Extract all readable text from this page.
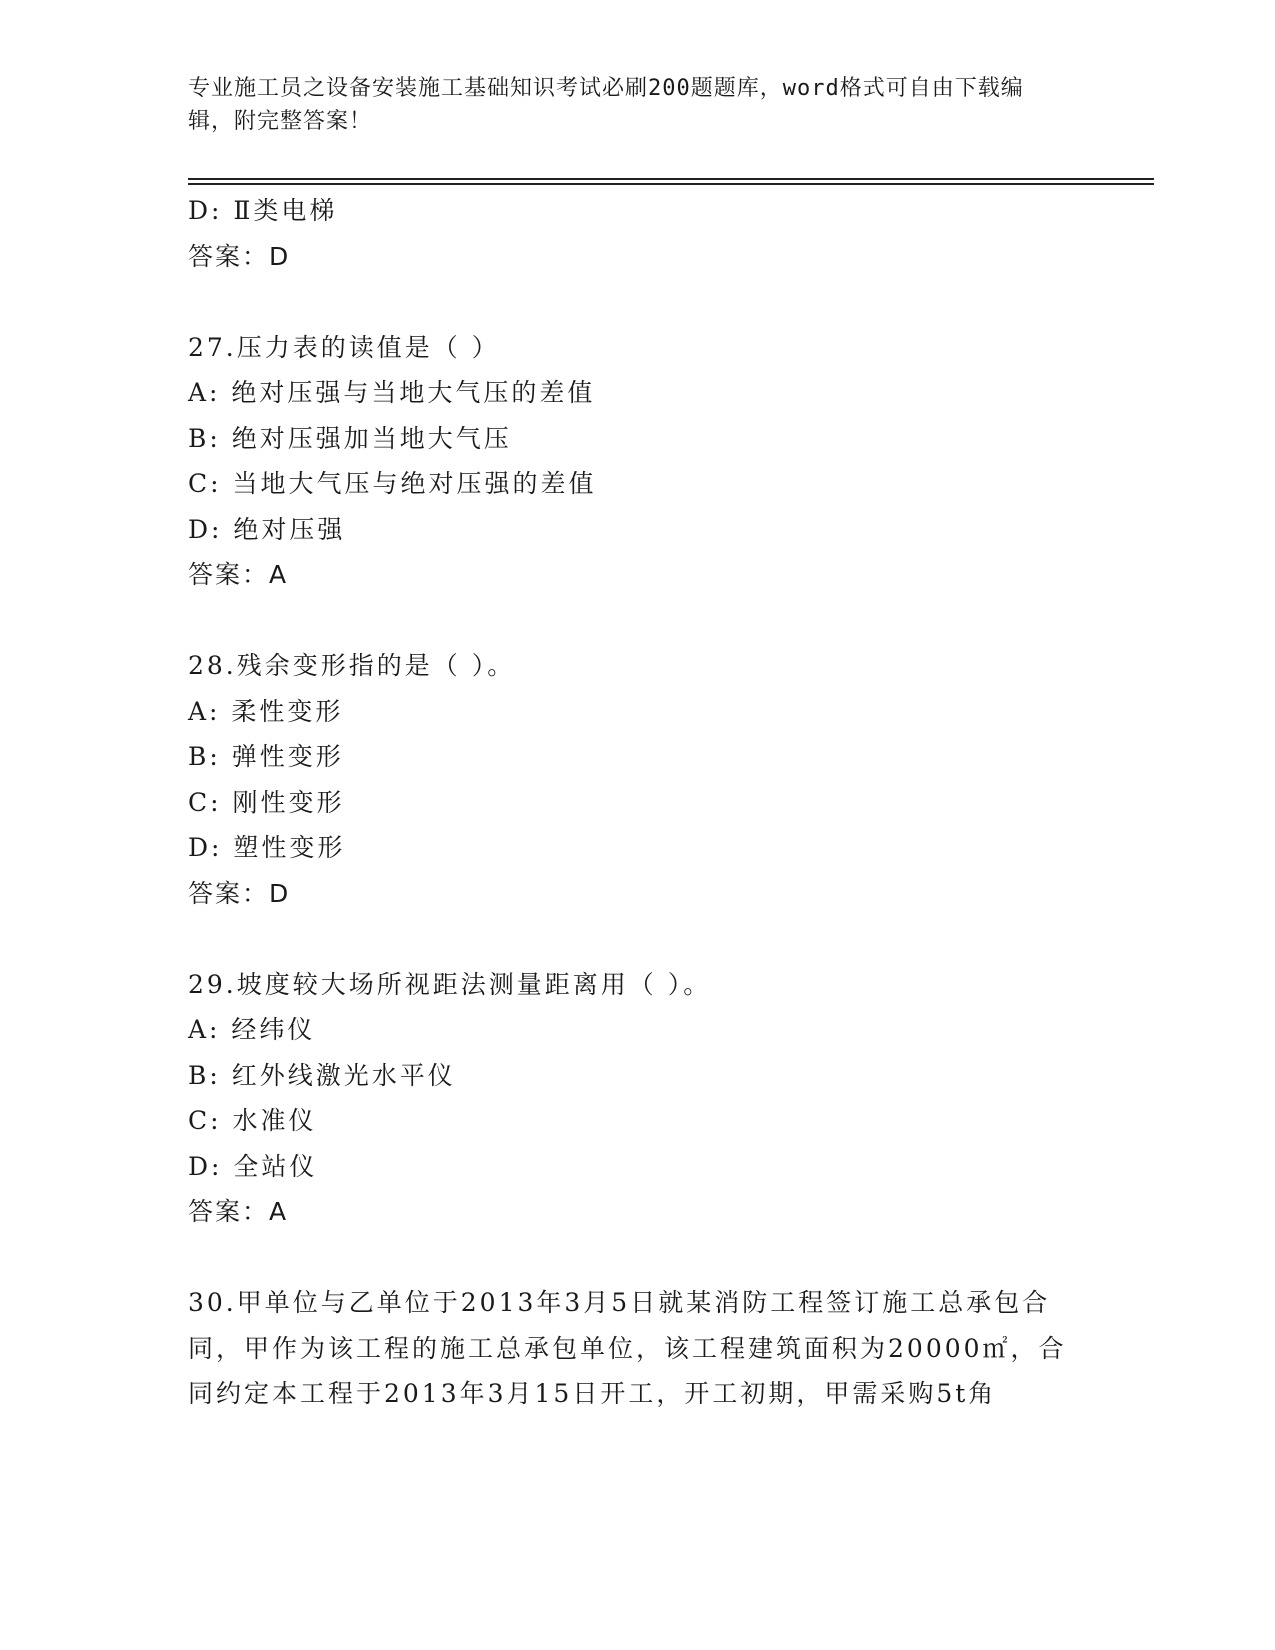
专业施工员之设备安装施工基础知识考试必刷200题题库，word格式可自由下载编辑，附完整答案！
D: Ⅱ类电梯
答案：D
27.压力表的读值是（ ）
A: 绝对压强与当地大气压的差值
B: 绝对压强加当地大气压
C: 当地大气压与绝对压强的差值
D: 绝对压强
答案：A
28.残余变形指的是（ ）。
A: 柔性变形
B: 弹性变形
C: 刚性变形
D: 塑性变形
答案：D
29.坡度较大场所视距法测量距离用（ ）。
A: 经纬仪
B: 红外线激光水平仪
C: 水准仪
D: 全站仪
答案：A
30.甲单位与乙单位于2013年3月5日就某消防工程签订施工总承包合同，甲作为该工程的施工总承包单位，该工程建筑面积为20000㎡，合同约定本工程于2013年3月15日开工，开工初期，甲需采购5t角
